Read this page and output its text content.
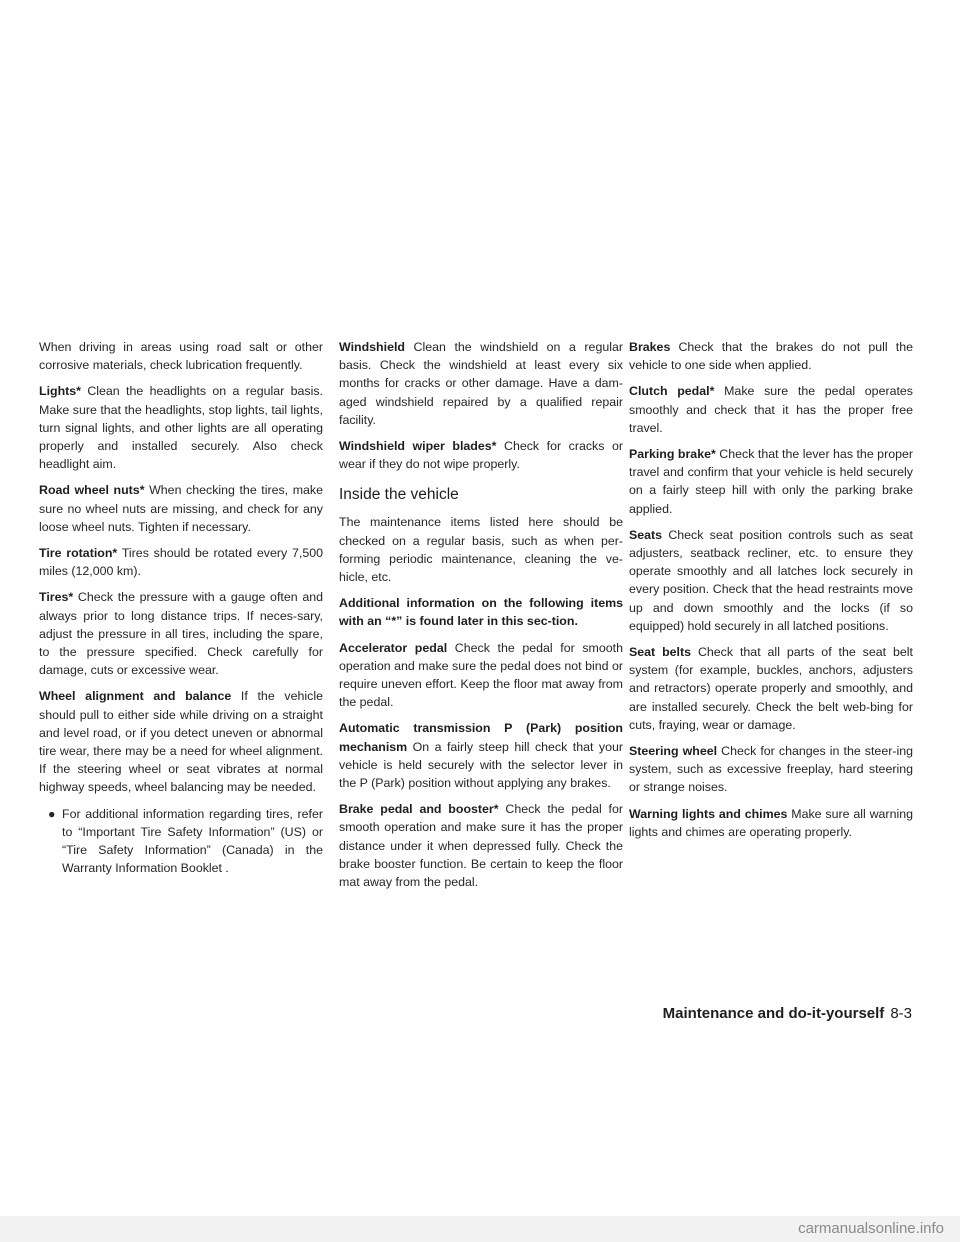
When driving in areas using road salt or other corrosive materials, check lubrication frequently.

Lights* Clean the headlights on a regular basis. Make sure that the headlights, stop lights, tail lights, turn signal lights, and other lights are all operating properly and installed securely. Also check headlight aim.

Road wheel nuts* When checking the tires, make sure no wheel nuts are missing, and check for any loose wheel nuts. Tighten if necessary.

Tire rotation* Tires should be rotated every 7,500 miles (12,000 km).

Tires* Check the pressure with a gauge often and always prior to long distance trips. If neces-sary, adjust the pressure in all tires, including the spare, to the pressure specified. Check carefully for damage, cuts or excessive wear.

Wheel alignment and balance If the vehicle should pull to either side while driving on a straight and level road, or if you detect uneven or abnormal tire wear, there may be a need for wheel alignment. If the steering wheel or seat vibrates at normal highway speeds, wheel balancing may be needed.

● For additional information regarding tires, refer to “Important Tire Safety Information” (US) or “Tire Safety Information” (Canada) in the Warranty Information Booklet .

Windshield Clean the windshield on a regular basis. Check the windshield at least every six months for cracks or other damage. Have a dam-aged windshield repaired by a qualified repair facility.

Windshield wiper blades* Check for cracks or wear if they do not wipe properly.

Inside the vehicle

The maintenance items listed here should be checked on a regular basis, such as when per-forming periodic maintenance, cleaning the ve-hicle, etc.

Additional information on the following items with an “*” is found later in this sec-tion.

Accelerator pedal Check the pedal for smooth operation and make sure the pedal does not bind or require uneven effort. Keep the floor mat away from the pedal.

Automatic transmission P (Park) position mechanism On a fairly steep hill check that your vehicle is held securely with the selector lever in the P (Park) position without applying any brakes.

Brake pedal and booster* Check the pedal for smooth operation and make sure it has the proper distance under it when depressed fully. Check the brake booster function. Be certain to keep the floor mat away from the pedal.

Brakes Check that the brakes do not pull the vehicle to one side when applied.

Clutch pedal* Make sure the pedal operates smoothly and check that it has the proper free travel.

Parking brake* Check that the lever has the proper travel and confirm that your vehicle is held securely on a fairly steep hill with only the parking brake applied.

Seats Check seat position controls such as seat adjusters, seatback recliner, etc. to ensure they operate smoothly and all latches lock securely in every position. Check that the head restraints move up and down smoothly and the locks (if so equipped) hold securely in all latched positions.

Seat belts Check that all parts of the seat belt system (for example, buckles, anchors, adjusters and retractors) operate properly and smoothly, and are installed securely. Check the belt web-bing for cuts, fraying, wear or damage.

Steering wheel Check for changes in the steer-ing system, such as excessive freeplay, hard steering or strange noises.

Warning lights and chimes Make sure all warning lights and chimes are operating properly.

Maintenance and do-it-yourself 8-3
carmanualsonline.info
